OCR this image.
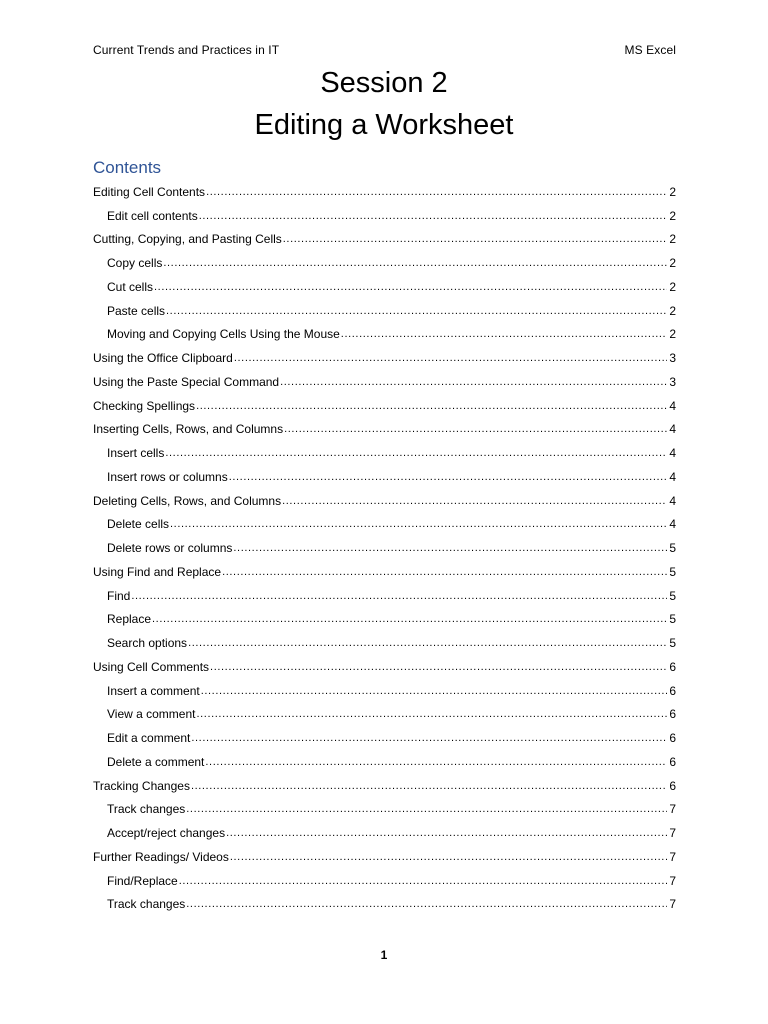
Current Trends and Practices in IT	MS Excel
Session 2
Editing a Worksheet
Contents
Editing Cell Contents .....	2
Edit cell contents .....	2
Cutting, Copying, and Pasting Cells .....	2
Copy cells .....	2
Cut cells .....	2
Paste cells .....	2
Moving and Copying Cells Using the Mouse .....	2
Using the Office Clipboard .....	3
Using the Paste Special Command .....	3
Checking Spellings .....	4
Inserting Cells, Rows, and Columns .....	4
Insert cells .....	4
Insert rows or columns .....	4
Deleting Cells, Rows, and Columns .....	4
Delete cells .....	4
Delete rows or columns .....	5
Using Find and Replace .....	5
Find .....	5
Replace .....	5
Search options .....	5
Using Cell Comments .....	6
Insert a comment .....	6
View a comment .....	6
Edit a comment .....	6
Delete a comment .....	6
Tracking Changes .....	6
Track changes .....	7
Accept/reject changes .....	7
Further Readings/ Videos .....	7
Find/Replace .....	7
Track changes .....	7
1
